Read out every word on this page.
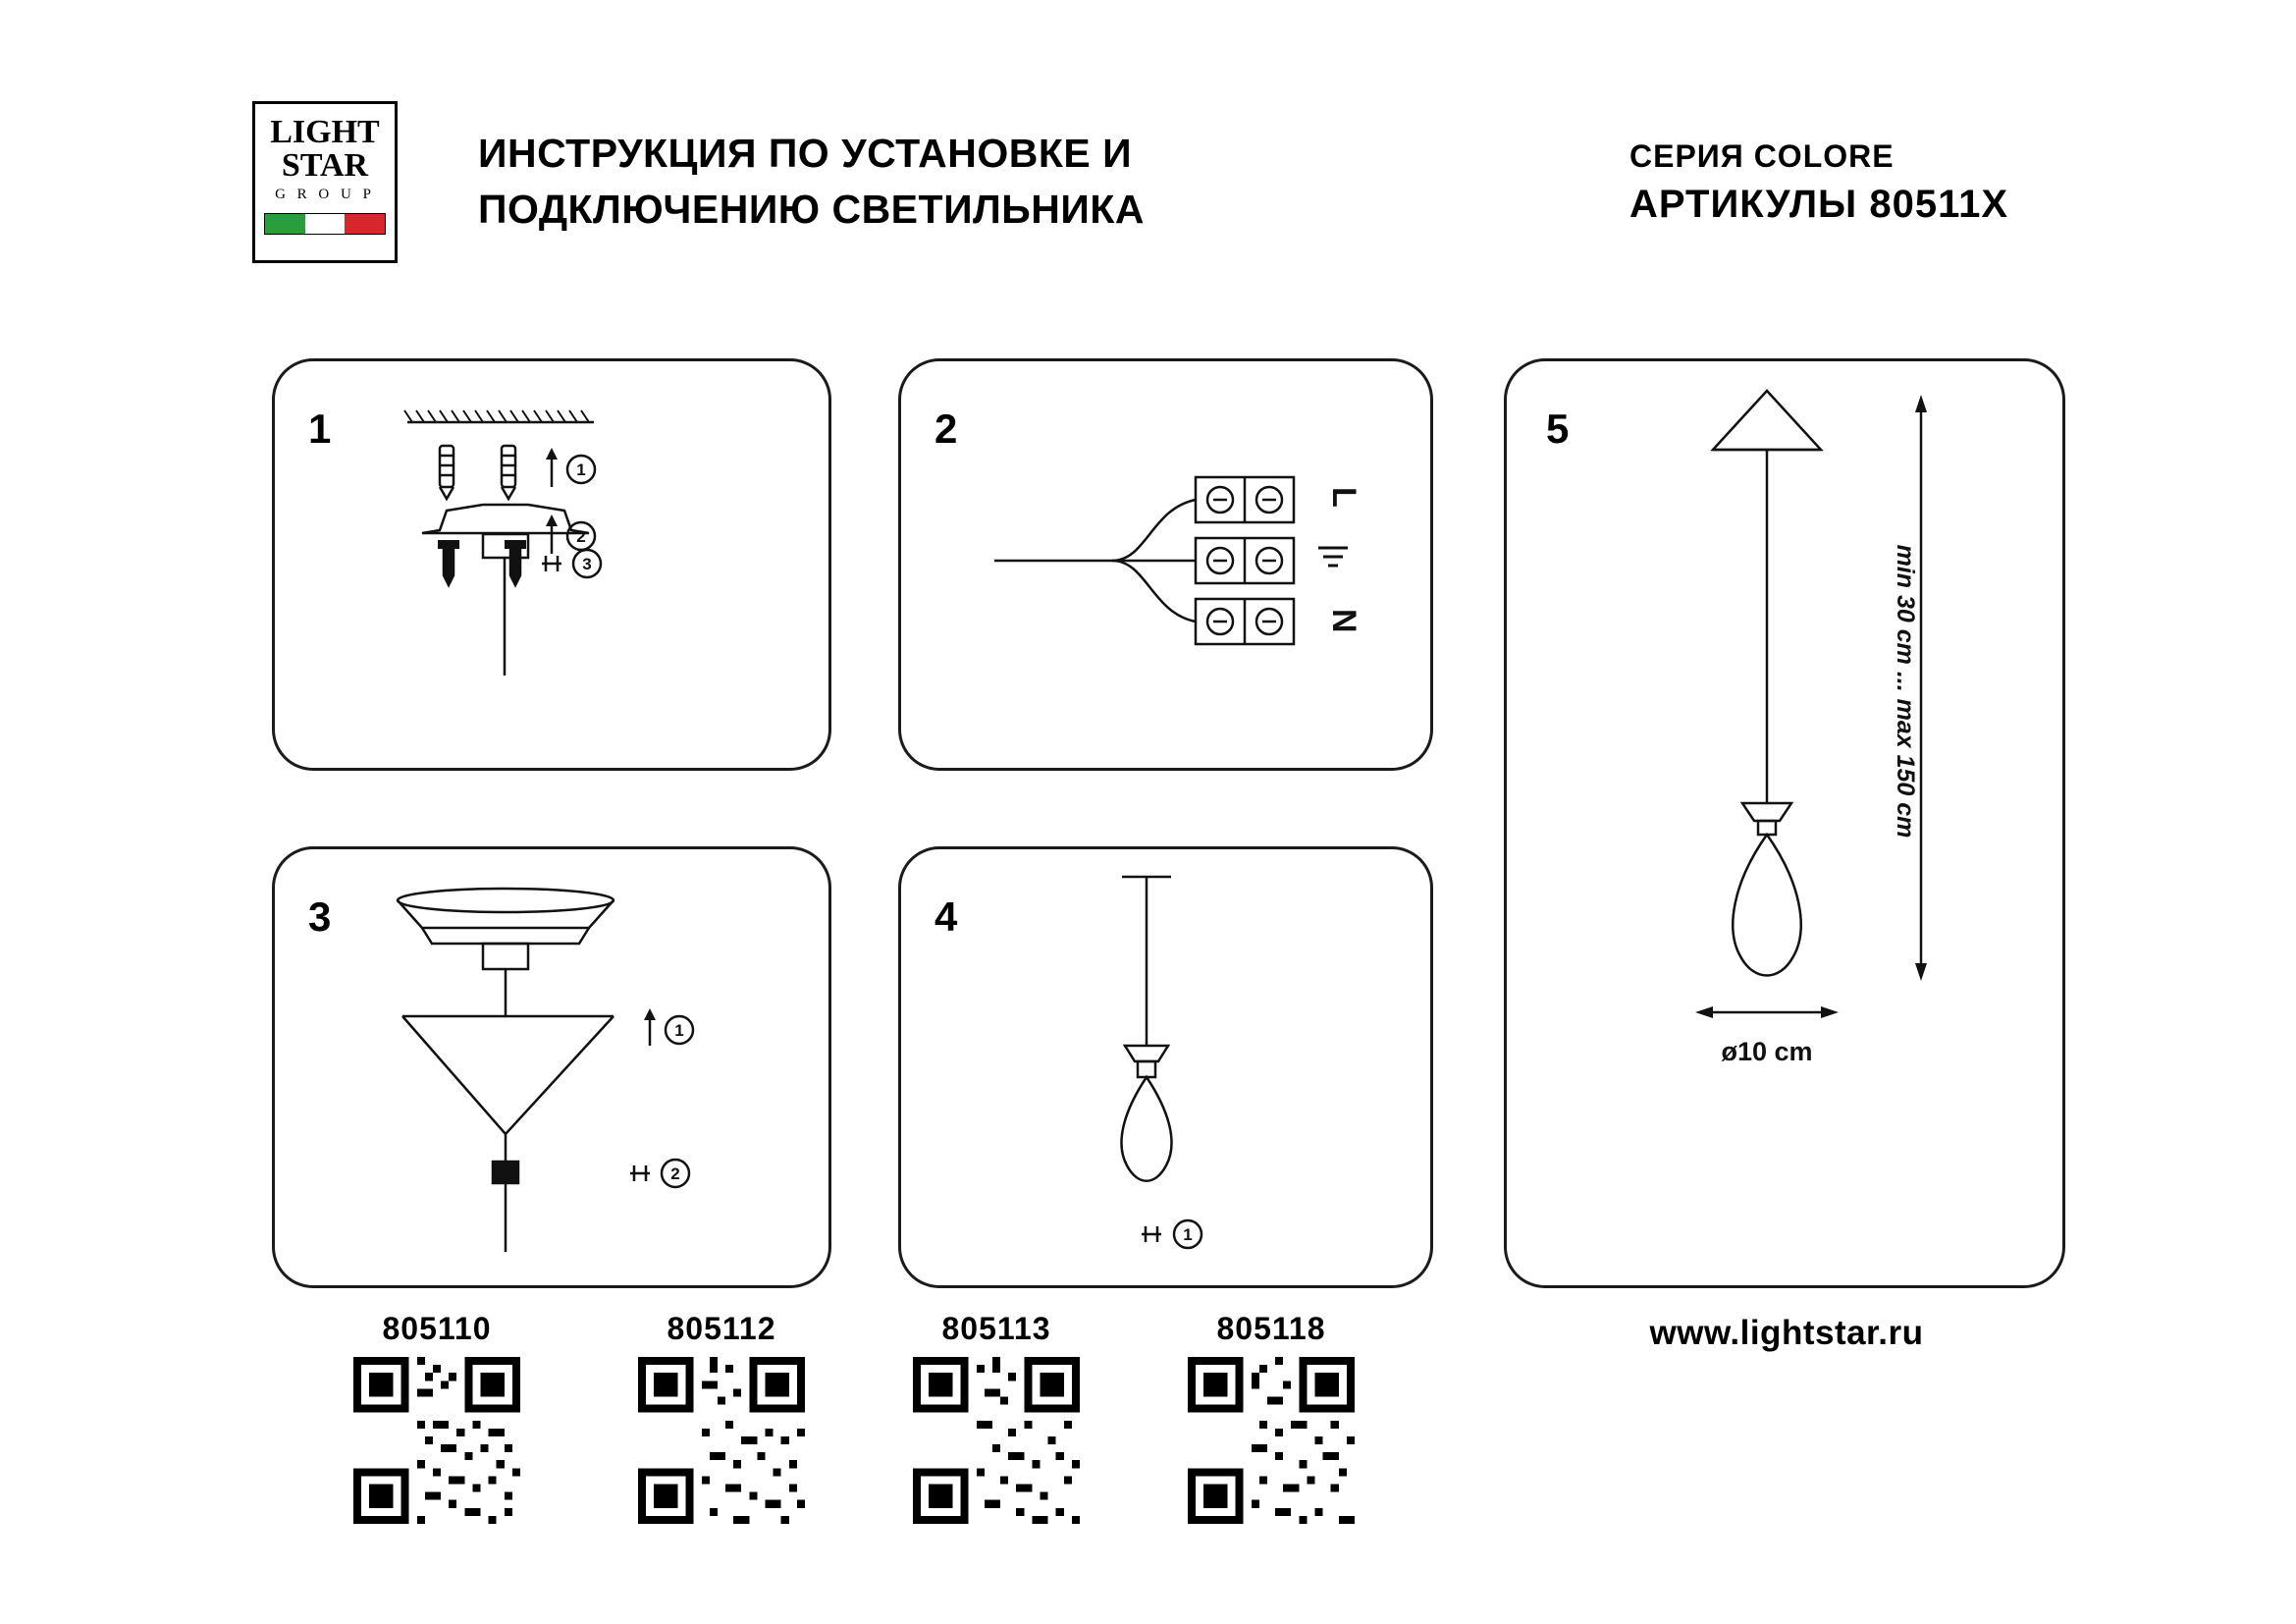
LIGHT
STAR
G R O U P
ИНСТРУКЦИЯ ПО УСТАНОВКЕ И
ПОДКЛЮЧЕНИЮ СВЕТИЛЬНИКА
СЕРИЯ COLORE
АРТИКУЛЫ 80511X
1
1
2
3
2
L
N
3
1
2
4
1
5
min 30 cm ... max 150 cm
ø10 cm
805110	805112	805113	805118	www.lightstar.ru
